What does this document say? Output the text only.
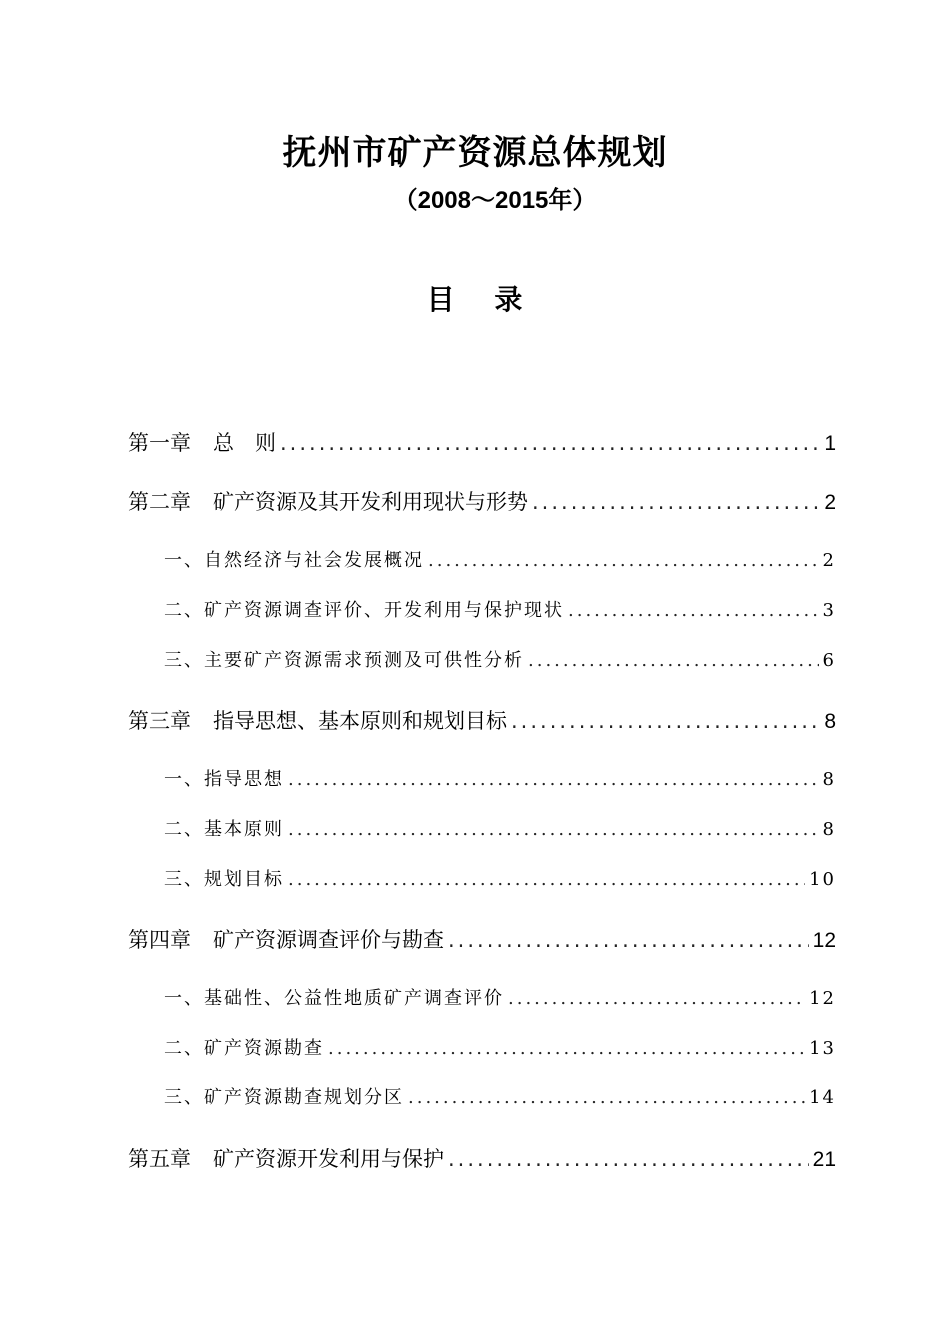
抚州市矿产资源总体规划
（2008～2015年）
目 录
第一章 总　则 .....	1
第二章 矿产资源及其开发利用现状与形势 .....	2
一、自然经济与社会发展概况 .....	2
二、矿产资源调查评价、开发利用与保护现状 .....	3
三、主要矿产资源需求预测及可供性分析 .....	6
第三章 指导思想、基本原则和规划目标 .....	8
一、指导思想 .....	8
二、基本原则 .....	8
三、规划目标 .....	10
第四章 矿产资源调查评价与勘查 .....	12
一、基础性、公益性地质矿产调查评价 .....	12
二、矿产资源勘查 .....	13
三、矿产资源勘查规划分区 .....	14
第五章 矿产资源开发利用与保护 .....	21
